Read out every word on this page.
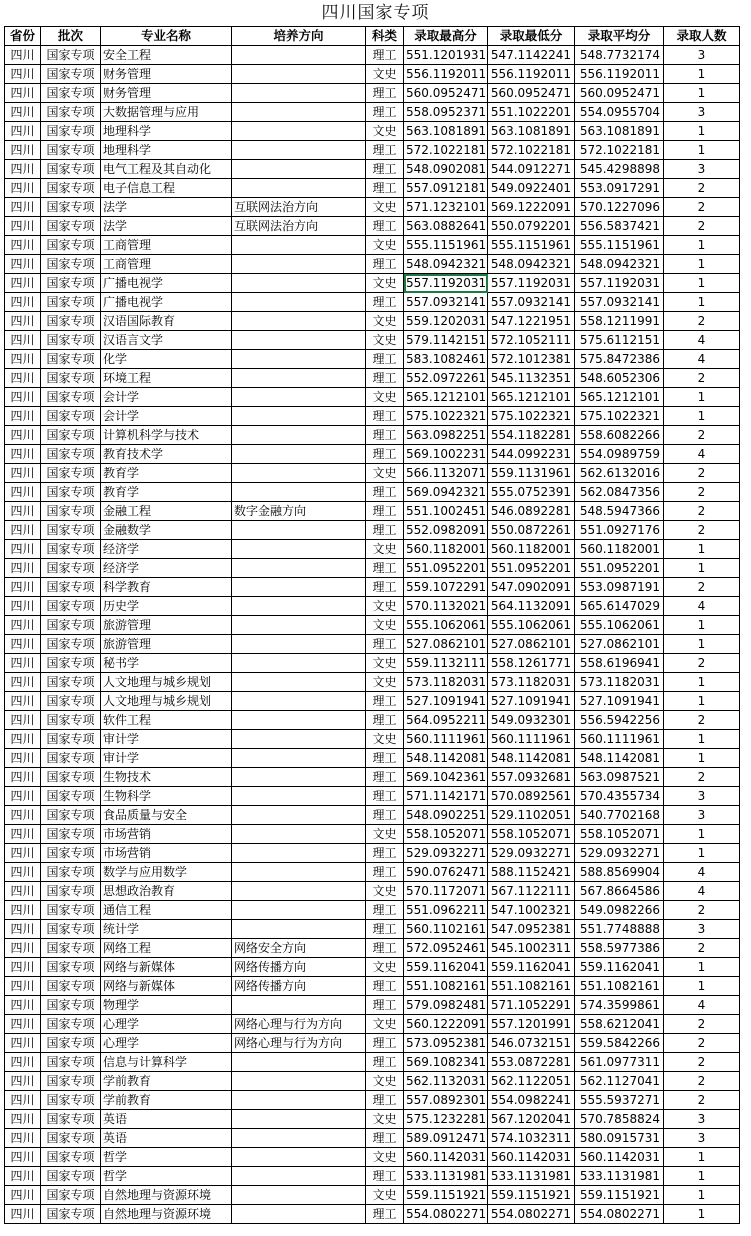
四川国家专项
省份	批次	专业名称	培养方向	科类	录取最高分	录取最低分	录取平均分	录取人数
四川	国家专项	安全工程		理工	551.1201931	547.1142241	548.7732174	3
四川	国家专项	财务管理		文史	556.1192011	556.1192011	556.1192011	1
四川	国家专项	财务管理		理工	560.0952471	560.0952471	560.0952471	1
四川	国家专项	大数据管理与应用		理工	558.0952371	551.1022201	554.0955704	3
四川	国家专项	地理科学		文史	563.1081891	563.1081891	563.1081891	1
四川	国家专项	地理科学		理工	572.1022181	572.1022181	572.1022181	1
四川	国家专项	电气工程及其自动化		理工	548.0902081	544.0912271	545.4298898	3
四川	国家专项	电子信息工程		理工	557.0912181	549.0922401	553.0917291	2
四川	国家专项	法学	互联网法治方向	文史	571.1232101	569.1222091	570.1227096	2
四川	国家专项	法学	互联网法治方向	理工	563.0882641	550.0792201	556.5837421	2
四川	国家专项	工商管理		文史	555.1151961	555.1151961	555.1151961	1
四川	国家专项	工商管理		理工	548.0942321	548.0942321	548.0942321	1
四川	国家专项	广播电视学		文史	557.1192031	557.1192031	557.1192031	1
四川	国家专项	广播电视学		理工	557.0932141	557.0932141	557.0932141	1
四川	国家专项	汉语国际教育		文史	559.1202031	547.1221951	558.1211991	2
四川	国家专项	汉语言文学		文史	579.1142151	572.1052111	575.6112151	4
四川	国家专项	化学		理工	583.1082461	572.1012381	575.8472386	4
四川	国家专项	环境工程		理工	552.0972261	545.1132351	548.6052306	2
四川	国家专项	会计学		文史	565.1212101	565.1212101	565.1212101	1
四川	国家专项	会计学		理工	575.1022321	575.1022321	575.1022321	1
四川	国家专项	计算机科学与技术		理工	563.0982251	554.1182281	558.6082266	2
四川	国家专项	教育技术学		理工	569.1002231	544.0992231	554.0989759	4
四川	国家专项	教育学		文史	566.1132071	559.1131961	562.6132016	2
四川	国家专项	教育学		理工	569.0942321	555.0752391	562.0847356	2
四川	国家专项	金融工程	数字金融方向	理工	551.1002451	546.0892281	548.5947366	2
四川	国家专项	金融数学		理工	552.0982091	550.0872261	551.0927176	2
四川	国家专项	经济学		文史	560.1182001	560.1182001	560.1182001	1
四川	国家专项	经济学		理工	551.0952201	551.0952201	551.0952201	1
四川	国家专项	科学教育		理工	559.1072291	547.0902091	553.0987191	2
四川	国家专项	历史学		文史	570.1132021	564.1132091	565.6147029	4
四川	国家专项	旅游管理		文史	555.1062061	555.1062061	555.1062061	1
四川	国家专项	旅游管理		理工	527.0862101	527.0862101	527.0862101	1
四川	国家专项	秘书学		文史	559.1132111	558.1261771	558.6196941	2
四川	国家专项	人文地理与城乡规划		文史	573.1182031	573.1182031	573.1182031	1
四川	国家专项	人文地理与城乡规划		理工	527.1091941	527.1091941	527.1091941	1
四川	国家专项	软件工程		理工	564.0952211	549.0932301	556.5942256	2
四川	国家专项	审计学		文史	560.1111961	560.1111961	560.1111961	1
四川	国家专项	审计学		理工	548.1142081	548.1142081	548.1142081	1
四川	国家专项	生物技术		理工	569.1042361	557.0932681	563.0987521	2
四川	国家专项	生物科学		理工	571.1142171	570.0892561	570.4355734	3
四川	国家专项	食品质量与安全		理工	548.0902251	529.1102051	540.7702168	3
四川	国家专项	市场营销		文史	558.1052071	558.1052071	558.1052071	1
四川	国家专项	市场营销		理工	529.0932271	529.0932271	529.0932271	1
四川	国家专项	数学与应用数学		理工	590.0762471	588.1152421	588.8569904	4
四川	国家专项	思想政治教育		文史	570.1172071	567.1122111	567.8664586	4
四川	国家专项	通信工程		理工	551.0962211	547.1002321	549.0982266	2
四川	国家专项	统计学		理工	560.1102161	547.0952381	551.7748888	3
四川	国家专项	网络工程	网络安全方向	理工	572.0952461	545.1002311	558.5977386	2
四川	国家专项	网络与新媒体	网络传播方向	文史	559.1162041	559.1162041	559.1162041	1
四川	国家专项	网络与新媒体	网络传播方向	理工	551.1082161	551.1082161	551.1082161	1
四川	国家专项	物理学		理工	579.0982481	571.1052291	574.3599861	4
四川	国家专项	心理学	网络心理与行为方向	文史	560.1222091	557.1201991	558.6212041	2
四川	国家专项	心理学	网络心理与行为方向	理工	573.0952381	546.0732151	559.5842266	2
四川	国家专项	信息与计算科学		理工	569.1082341	553.0872281	561.0977311	2
四川	国家专项	学前教育		文史	562.1132031	562.1122051	562.1127041	2
四川	国家专项	学前教育		理工	557.0892301	554.0982241	555.5937271	2
四川	国家专项	英语		文史	575.1232281	567.1202041	570.7858824	3
四川	国家专项	英语		理工	589.0912471	574.1032311	580.0915731	3
四川	国家专项	哲学		文史	560.1142031	560.1142031	560.1142031	1
四川	国家专项	哲学		理工	533.1131981	533.1131981	533.1131981	1
四川	国家专项	自然地理与资源环境		文史	559.1151921	559.1151921	559.1151921	1
四川	国家专项	自然地理与资源环境		理工	554.0802271	554.0802271	554.0802271	1
